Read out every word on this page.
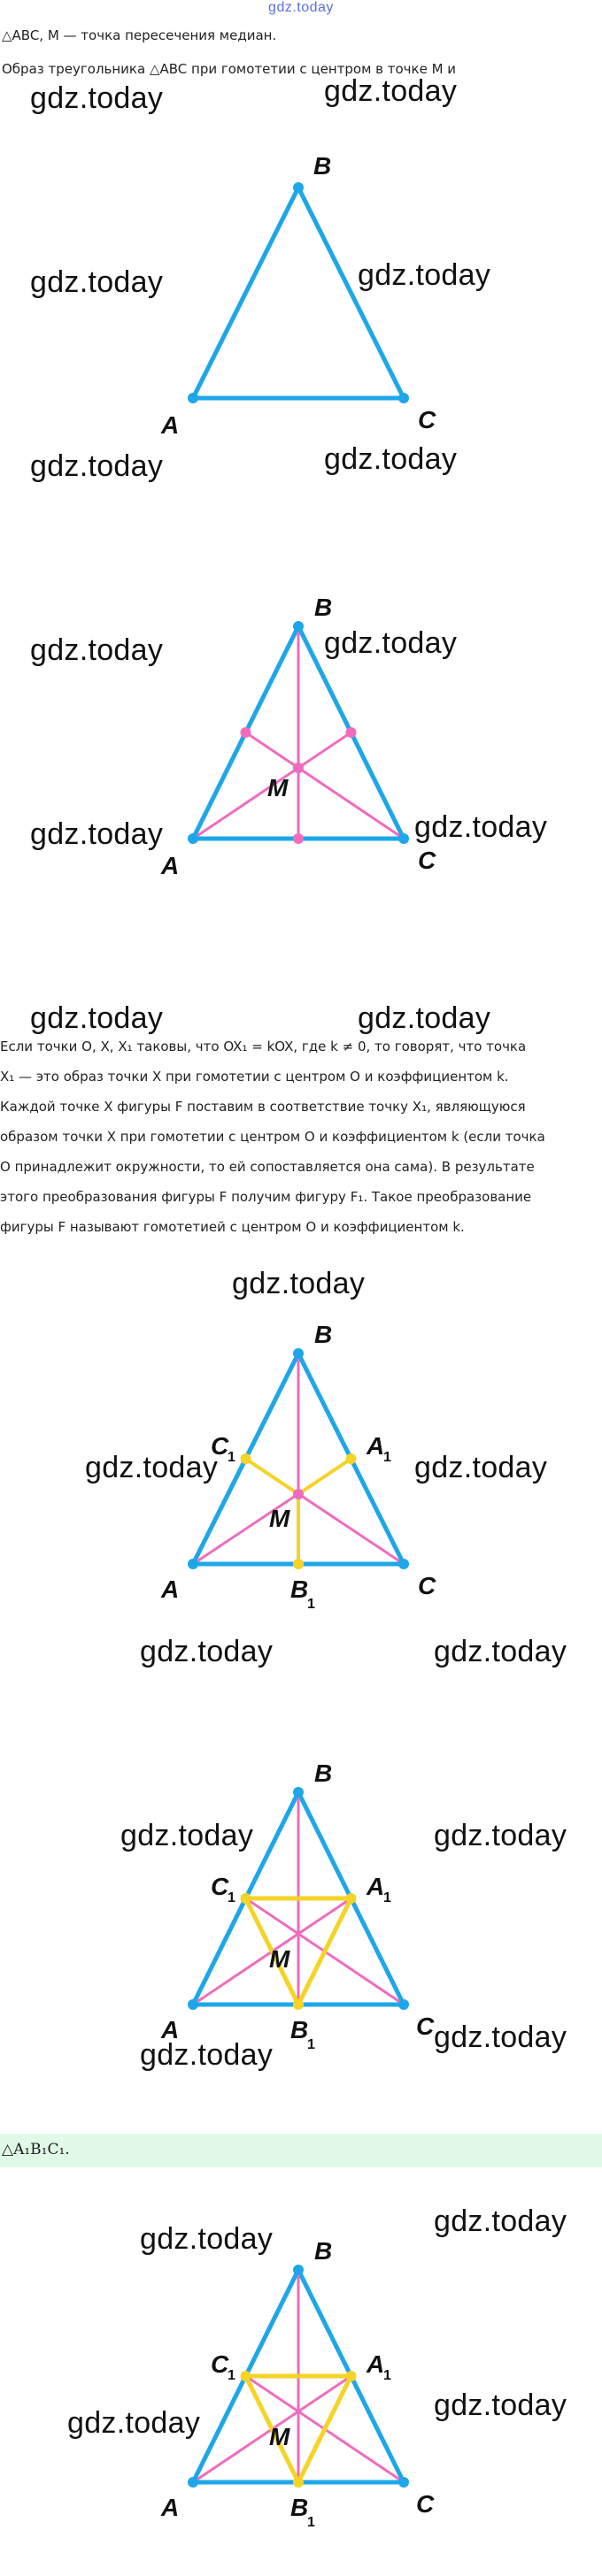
gdz.today
△ABC, M — точка пересечения медиан.
Образ треугольника △ABC при гомотетии с центром в точке M и
B
A	C
B
A	C
M
Если точки O, X, X₁ таковы, что OX₁ = kOX, где k ≠ 0, то говорят, что точка
X₁ — это образ точки X при гомотетии с центром O и коэффициентом k.
Каждой точке X фигуры F поставим в соответствие точку X₁, являющуюся
образом точки X при гомотетии с центром O и коэффициентом k (если точка
O принадлежит окружности, то ей сопоставляется она сама). В результате
этого преобразования фигуры F получим фигуру F₁. Такое преобразование
фигуры F называют гомотетией с центром O и коэффициентом k.
B
A	C
M
C
1	A
1
B
1
B
A	C
M
C
1	A
1
B
1
△A₁B₁C₁.
B
A	C
M
C
1	A
1
B
1
gdz.today	gdz.today
gdz.today	gdz.today
gdz.today	gdz.today
gdz.today	gdz.today
gdz.today	gdz.today
gdz.today	gdz.today
gdz.today
gdz.today	gdz.today
gdz.today	gdz.today
gdz.today	gdz.today
gdz.today
gdz.today
gdz.today
gdz.today
gdz.today
gdz.today
